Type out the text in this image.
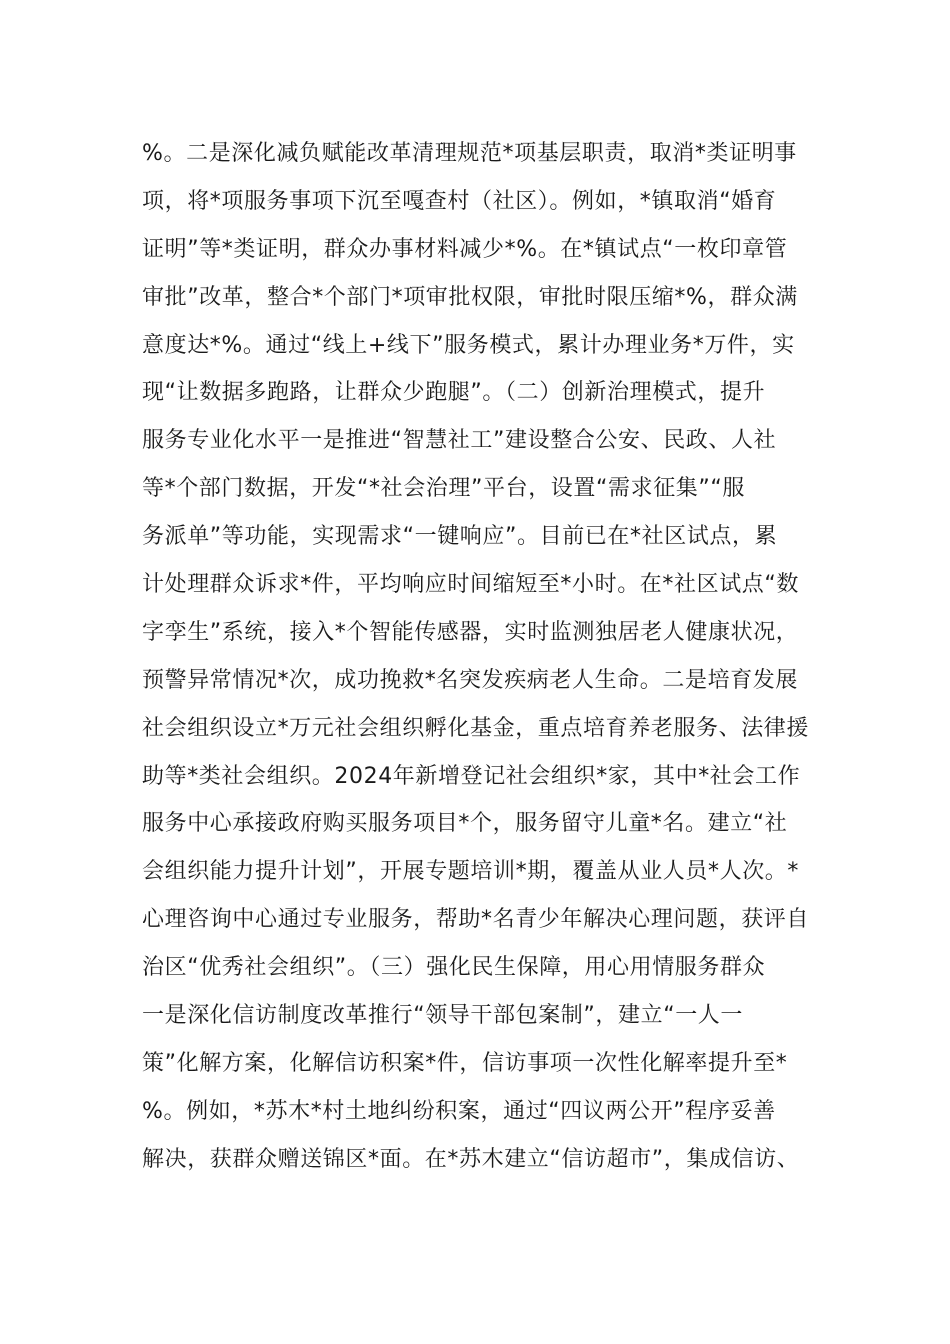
%。二是深化减负赋能改革清理规范*项基层职责，取消*类证明事
项，将*项服务事项下沉至嘎查村（社区）。例如，*镇取消“婚育
证明”等*类证明，群众办事材料减少*%。在*镇试点“一枚印章管
审批”改革，整合*个部门*项审批权限，审批时限压缩*%，群众满
意度达*%。通过“线上+线下”服务模式，累计办理业务*万件，实
现“让数据多跑路，让群众少跑腿”。（二）创新治理模式，提升
服务专业化水平一是推进“智慧社工”建设整合公安、民政、人社
等*个部门数据，开发“*社会治理”平台，设置“需求征集”“服
务派单”等功能，实现需求“一键响应”。目前已在*社区试点，累
计处理群众诉求*件，平均响应时间缩短至*小时。在*社区试点“数
字孪生”系统，接入*个智能传感器，实时监测独居老人健康状况，
预警异常情况*次，成功挽救*名突发疾病老人生命。二是培育发展
社会组织设立*万元社会组织孵化基金，重点培育养老服务、法律援
助等*类社会组织。2024年新增登记社会组织*家，其中*社会工作
服务中心承接政府购买服务项目*个，服务留守儿童*名。建立“社
会组织能力提升计划”，开展专题培训*期，覆盖从业人员*人次。*
心理咨询中心通过专业服务，帮助*名青少年解决心理问题，获评自
治区“优秀社会组织”。（三）强化民生保障，用心用情服务群众
一是深化信访制度改革推行“领导干部包案制”，建立“一人一
策”化解方案，化解信访积案*件，信访事项一次性化解率提升至*
%。例如，*苏木*村土地纠纷积案，通过“四议两公开”程序妥善
解决，获群众赠送锦区*面。在*苏木建立“信访超市”，集成信访、
